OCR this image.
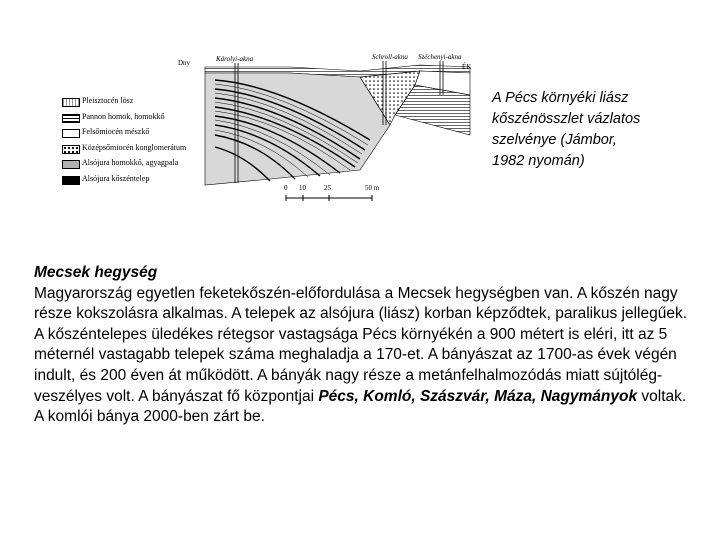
Pleisztocén lösz
Pannon homok, homokkő
Felsőmiocén mészkő
Középsőmiocén konglomerátum
Alsójura homokkő, agyagpala
Alsójura kőszéntelep
Dny	Károlyi-akna	Schroll-akna Széchenyi-akna
ÉK
0 10	25	50 m
A Pécs környéki liász
kőszénösszlet vázlatos
szelvénye (Jámbor,
1982 nyomán)
Mecsek hegység
Magyarország egyetlen feketekőszén-előfordulása a Mecsek hegységben van. A kőszén nagy része kokszolásra alkalmas. A telepek az alsójura (liász) korban képződtek, paralikus jellegűek. A kőszéntelepes üledékes rétegsor vastagsága Pécs környékén a 900 métert is eléri, itt az 5 méternél vastagabb telepek száma meghaladja a 170-et. A bányászat az 1700-as évek végén indult, és 200 éven át működött. A bányák nagy része a metánfelhalmozódás miatt sújtólég-veszélyes volt. A bányászat fő központjai Pécs, Komló, Szászvár, Máza, Nagymányok voltak. A komlói bánya 2000-ben zárt be.
